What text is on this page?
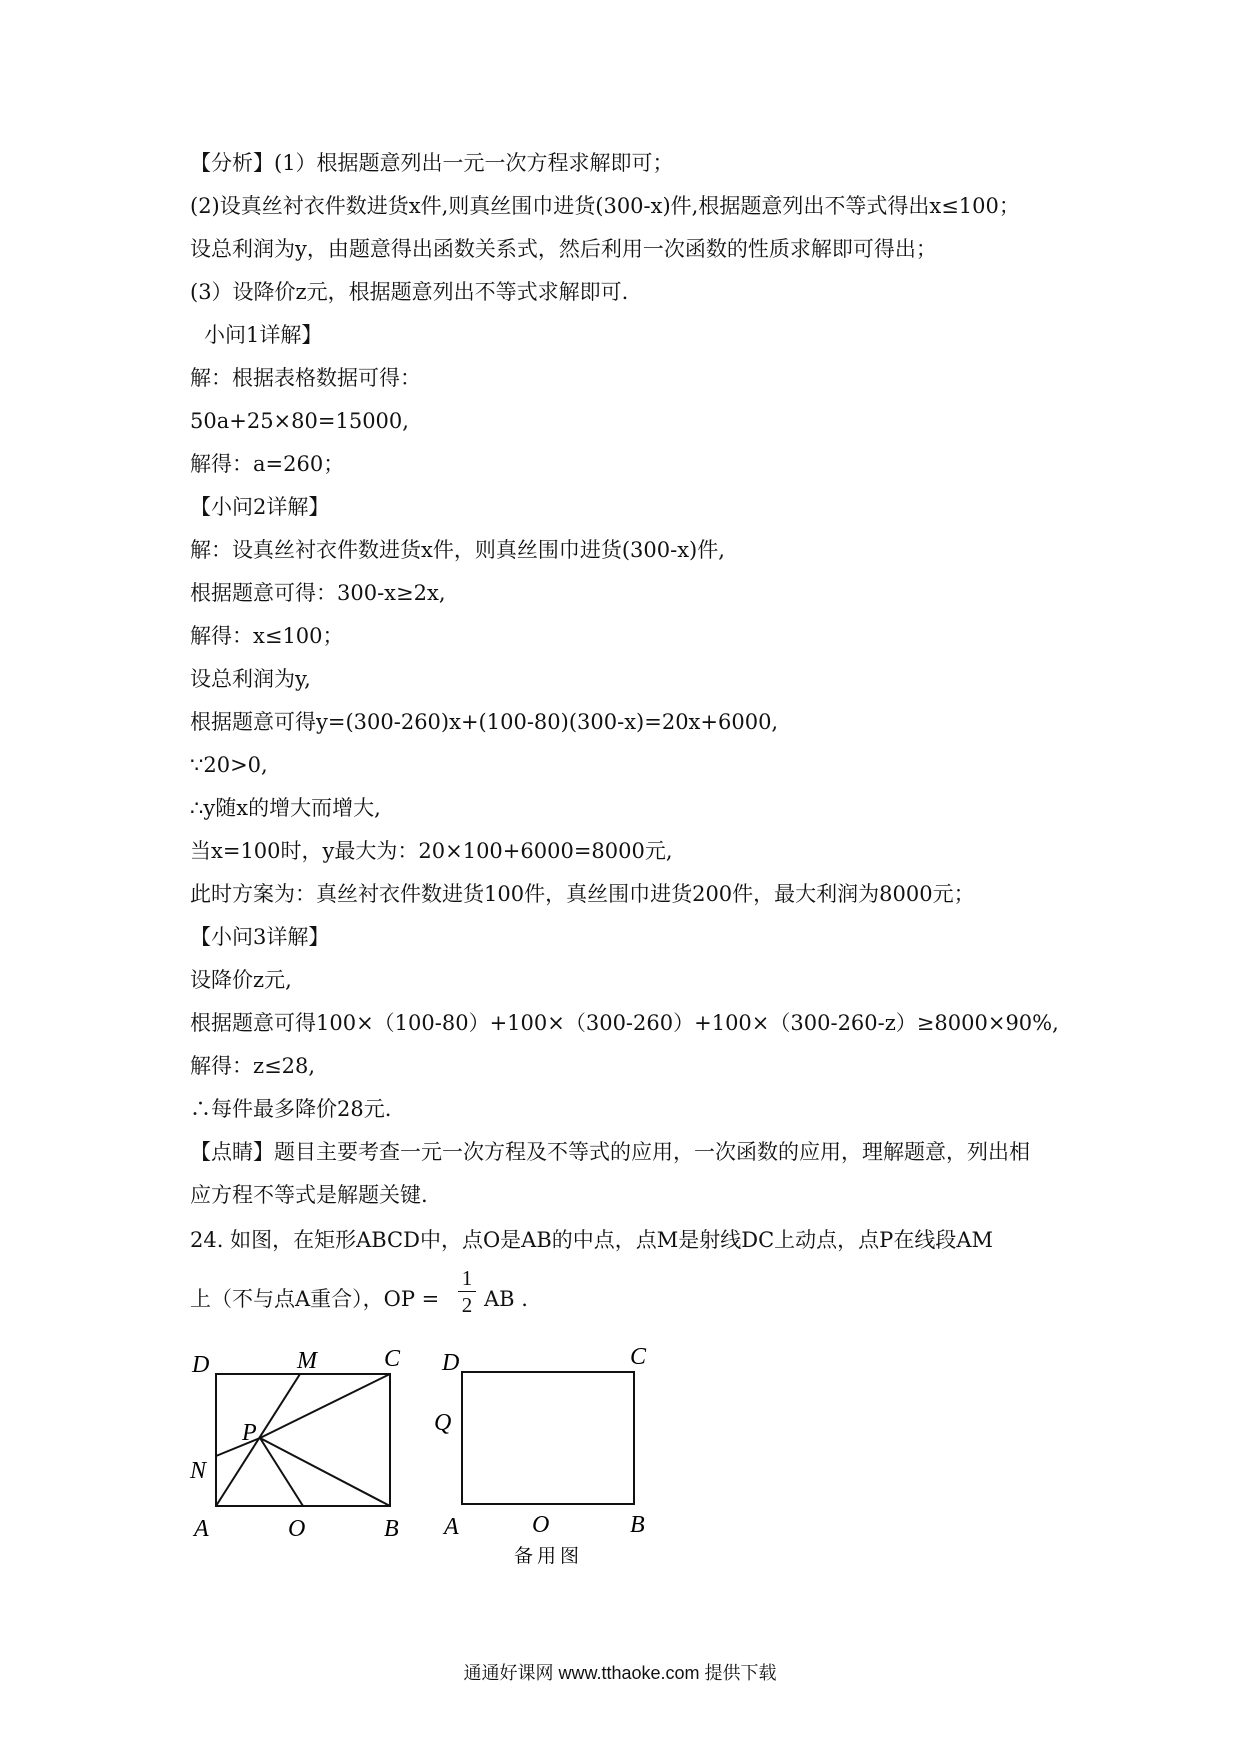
【分析】(1）根据题意列出一元一次方程求解即可；
(2)设真丝衬衣件数进货x件,则真丝围巾进货(300-x)件,根据题意列出不等式得出x≤100；
设总利润为y，由题意得出函数关系式，然后利用一次函数的性质求解即可得出；
(3）设降价z元，根据题意列出不等式求解即可.
小问1详解】
解：根据表格数据可得：
50a+25×80=15000,
解得：a=260；
【小问2详解】
解：设真丝衬衣件数进货x件，则真丝围巾进货(300-x)件,
根据题意可得：300-x≥2x,
解得：x≤100；
设总利润为y,
根据题意可得y=(300-260)x+(100-80)(300-x)=20x+6000,
∵20>0,
∴y随x的增大而增大,
当x=100时，y最大为：20×100+6000=8000元,
此时方案为：真丝衬衣件数进货100件，真丝围巾进货200件，最大利润为8000元；
【小问3详解】
设降价z元,
根据题意可得100×（100-80）+100×（300-260）+100×（300-260-z）≥8000×90%,
解得：z≤28,
∴每件最多降价28元.
【点睛】题目主要考查一元一次方程及不等式的应用，一次函数的应用，理解题意，列出相
应方程不等式是解题关键.
24. 如图，在矩形ABCD中，点O是AB的中点，点M是射线DC上动点，点P在线段AM
上（不与点A重合），OP =
1
2 AB .
D	M	C
P
N
A	O	B
D	C
Q
A	O	B
备用图
通通好课网 www.tthaoke.com 提供下载
